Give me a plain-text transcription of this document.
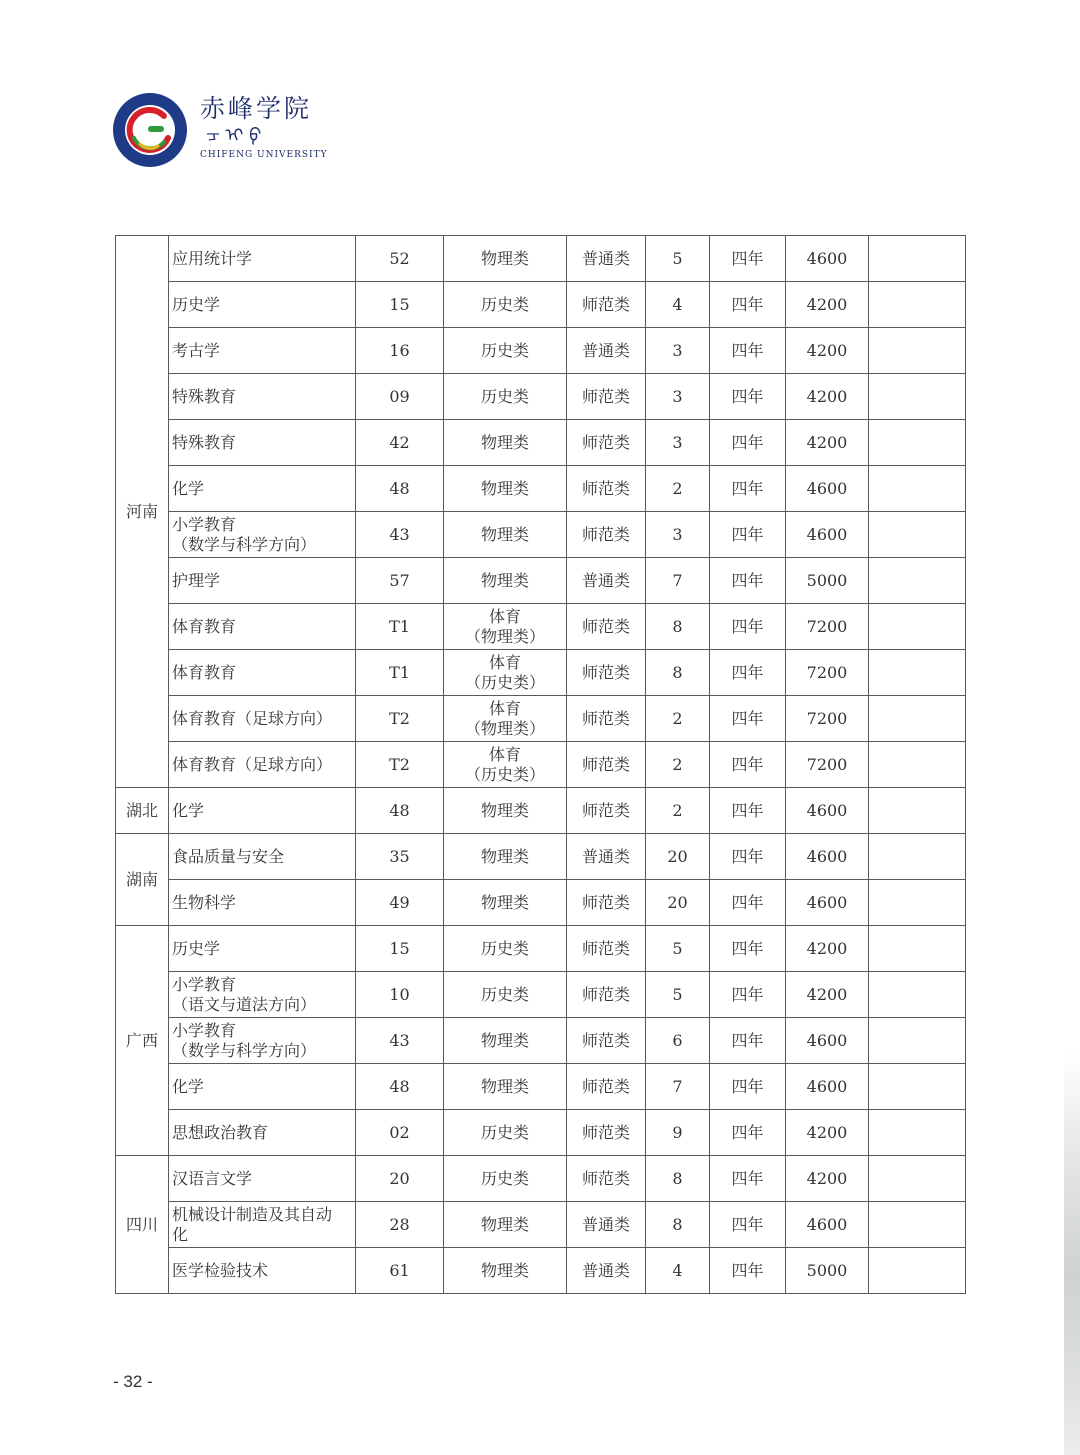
赤峰学院
ᠴ ᠢ ᠹ
CHIFENG UNIVERSITY
河南	应用统计学	52	物理类	普通类	5	四年	4600	
	历史学	15	历史类	师范类	4	四年	4200	
	考古学	16	历史类	普通类	3	四年	4200	
	特殊教育	09	历史类	师范类	3	四年	4200	
	特殊教育	42	物理类	师范类	3	四年	4200	
	化学	48	物理类	师范类	2	四年	4600	

	小学教育
（数学与科学方向）	43	物理类	师范类	3	四年	4600	
	护理学	57	物理类	普通类	7	四年	5000	
	体育教育	T1	体育
（物理类）	师范类	8	四年	7200	
	体育教育	T1	体育
（历史类）	师范类	8	四年	7200	
	体育教育（足球方向）	T2	体育
（物理类）	师范类	2	四年	7200	
	体育教育（足球方向）	T2	体育
（历史类）	师范类	2	四年	7200	
湖北	化学	48	物理类	师范类	2	四年	4600	
湖南	食品质量与安全	35	物理类	普通类	20	四年	4600	
	生物科学	49	物理类	师范类	20	四年	4600	
广西	历史学	15	历史类	师范类	5	四年	4200	

	小学教育
（语文与道法方向）	10	历史类	师范类	5	四年	4200	

	小学教育
（数学与科学方向）	43	物理类	师范类	6	四年	4600	
	化学	48	物理类	师范类	7	四年	4600	
	思想政治教育	02	历史类	师范类	9	四年	4200	
四川	汉语言文学	20	历史类	师范类	8	四年	4200	

	机械设计制造及其自动
化	28	物理类	普通类	8	四年	4600	
	医学检验技术	61	物理类	普通类	4	四年	5000	
- 32 -
